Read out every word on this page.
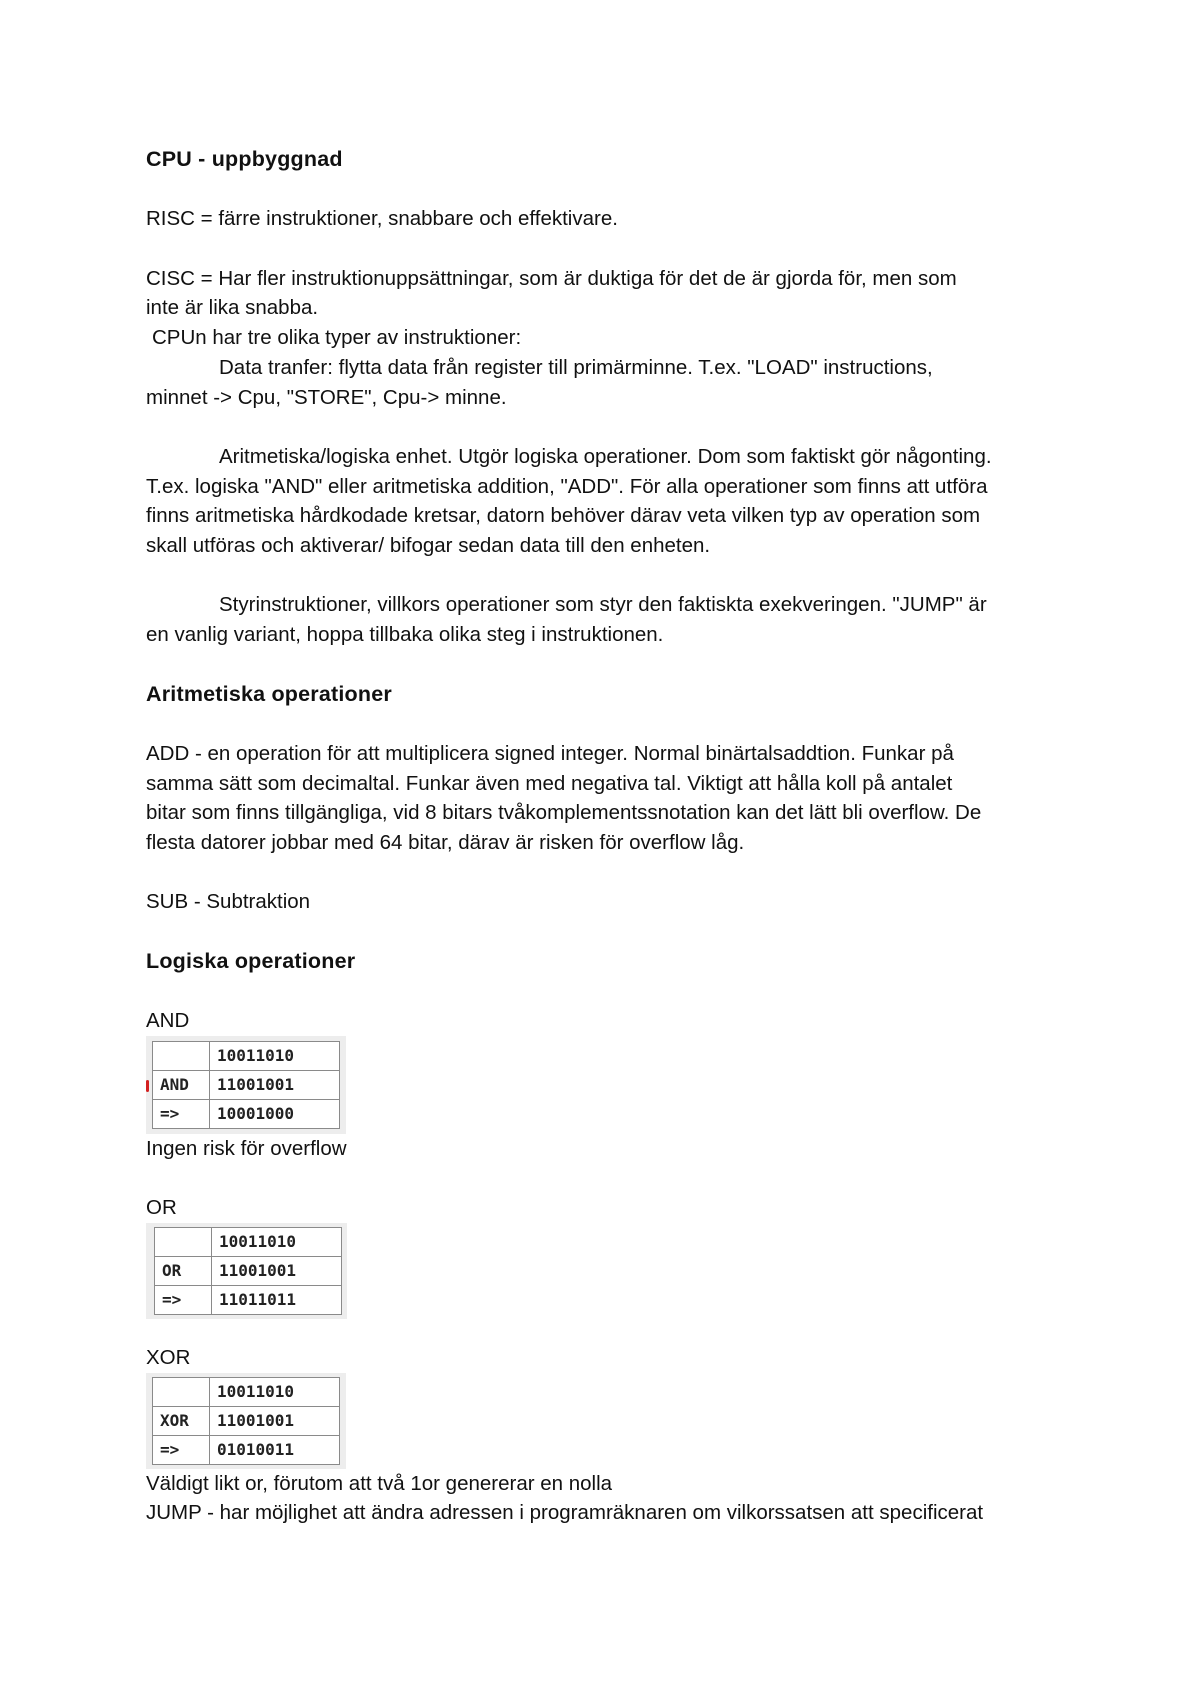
CPU - uppbyggnad

RISC = färre instruktioner, snabbare och effektivare.

CISC = Har fler instruktionuppsättningar, som är duktiga för det de är gjorda för, men som

inte är lika snabba.

CPUn har tre olika typer av instruktioner:

Data tranfer: flytta data från register till primärminne. T.ex. "LOAD" instructions,

minnet -> Cpu, "STORE", Cpu-> minne.

Aritmetiska/logiska enhet. Utgör logiska operationer. Dom som faktiskt gör någonting.

T.ex. logiska "AND" eller aritmetiska addition, "ADD". För alla operationer som finns att utföra

finns aritmetiska hårdkodade kretsar, datorn behöver därav veta vilken typ av operation som

skall utföras och aktiverar/ bifogar sedan data till den enheten.

Styrinstruktioner, villkors operationer som styr den faktiskta exekveringen. "JUMP" är

en vanlig variant, hoppa tillbaka olika steg i instruktionen.

Aritmetiska operationer

ADD - en operation för att multiplicera signed integer. Normal binärtalsaddtion. Funkar på

samma sätt som decimaltal. Funkar även med negativa tal. Viktigt att hålla koll på antalet

bitar som finns tillgängliga, vid 8 bitars tvåkomplementssnotation kan det lätt bli overflow. De

flesta datorer jobbar med 64 bitar, därav är risken för overflow låg.

SUB - Subtraktion

Logiska operationer

AND

	10011010
AND	11001001
=>	10001000

Ingen risk för overflow

OR

	10011010
OR	11001001
=>	11011011

XOR

	10011010
XOR	11001001
=>	01010011

Väldigt likt or, förutom att två 1or genererar en nolla

JUMP - har möjlighet att ändra adressen i programräknaren om vilkorssatsen att specificerat
